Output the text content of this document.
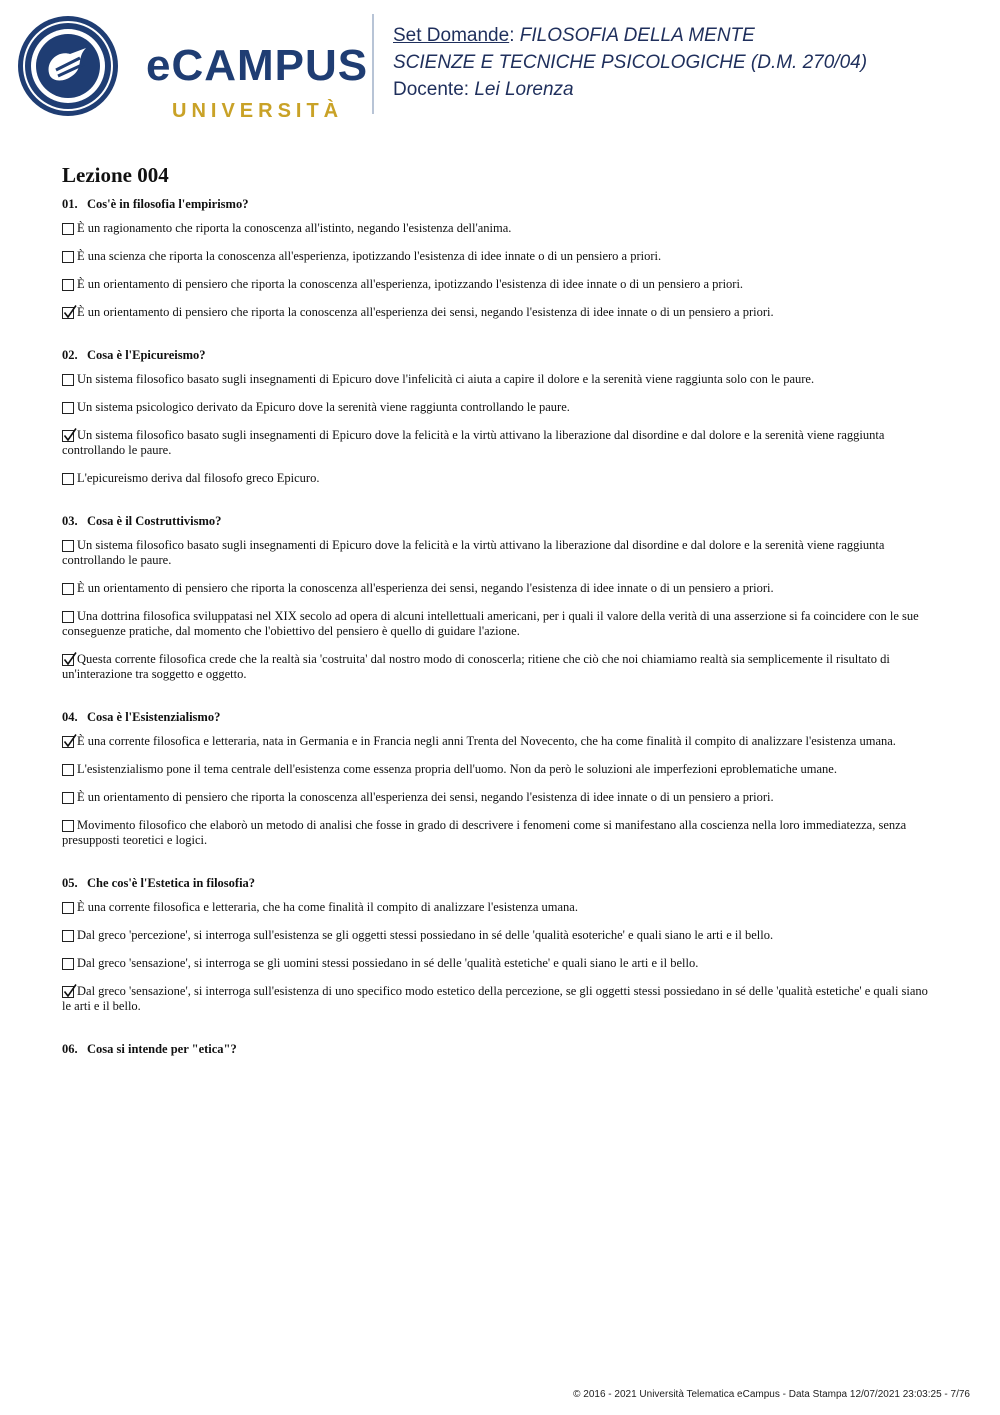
eCAMPUS
UNIVERSITÀ
Set Domande: FILOSOFIA DELLA MENTE
SCIENZE E TECNICHE PSICOLOGICHE (D.M. 270/04)
Docente: Lei Lorenza
Lezione 004
01. Cos'è in filosofia l'empirismo?
È un ragionamento che riporta la conoscenza all'istinto, negando l'esistenza dell'anima.
È una scienza che riporta la conoscenza all'esperienza, ipotizzando l'esistenza di idee innate o di un pensiero a priori.
È un orientamento di pensiero che riporta la conoscenza all'esperienza, ipotizzando l'esistenza di idee innate o di un pensiero a priori.
È un orientamento di pensiero che riporta la conoscenza all'esperienza dei sensi, negando l'esistenza di idee innate o di un pensiero a priori.
02. Cosa è l'Epicureismo?
Un sistema filosofico basato sugli insegnamenti di Epicuro dove l'infelicità ci aiuta a capire il dolore e la serenità viene raggiunta solo con le paure.
Un sistema psicologico derivato da Epicuro dove la serenità viene raggiunta controllando le paure.
Un sistema filosofico basato sugli insegnamenti di Epicuro dove la felicità e la virtù attivano la liberazione dal disordine e dal dolore e la serenità viene raggiunta controllando le paure.
L'epicureismo deriva dal filosofo greco Epicuro.
03. Cosa è il Costruttivismo?
Un sistema filosofico basato sugli insegnamenti di Epicuro dove la felicità e la virtù attivano la liberazione dal disordine e dal dolore e la serenità viene raggiunta controllando le paure.
È un orientamento di pensiero che riporta la conoscenza all'esperienza dei sensi, negando l'esistenza di idee innate o di un pensiero a priori.
Una dottrina filosofica sviluppatasi nel XIX secolo ad opera di alcuni intellettuali americani, per i quali il valore della verità di una asserzione si fa coincidere con le sue conseguenze pratiche, dal momento che l'obiettivo del pensiero è quello di guidare l'azione.
Questa corrente filosofica crede che la realtà sia 'costruita' dal nostro modo di conoscerla; ritiene che ciò che noi chiamiamo realtà sia semplicemente il risultato di un'interazione tra soggetto e oggetto.
04. Cosa è l'Esistenzialismo?
È una corrente filosofica e letteraria, nata in Germania e in Francia negli anni Trenta del Novecento, che ha come finalità il compito di analizzare l'esistenza umana.
L'esistenzialismo pone il tema centrale dell'esistenza come essenza propria dell'uomo. Non da però le soluzioni ale imperfezioni eproblematiche umane.
È un orientamento di pensiero che riporta la conoscenza all'esperienza dei sensi, negando l'esistenza di idee innate o di un pensiero a priori.
Movimento filosofico che elaborò un metodo di analisi che fosse in grado di descrivere i fenomeni come si manifestano alla coscienza nella loro immediatezza, senza presupposti teoretici e logici.
05. Che cos'è l'Estetica in filosofia?
È una corrente filosofica e letteraria, che ha come finalità il compito di analizzare l'esistenza umana.
Dal greco 'percezione', si interroga sull'esistenza se gli oggetti stessi possiedano in sé delle 'qualità esoteriche' e quali siano le arti e il bello.
Dal greco 'sensazione', si interroga se gli uomini stessi possiedano in sé delle 'qualità estetiche' e quali siano le arti e il bello.
Dal greco 'sensazione', si interroga sull'esistenza di uno specifico modo estetico della percezione, se gli oggetti stessi possiedano in sé delle 'qualità estetiche' e quali siano le arti e il bello.
06. Cosa si intende per "etica"?
© 2016 - 2021 Università Telematica eCampus - Data Stampa 12/07/2021 23:03:25 - 7/76
